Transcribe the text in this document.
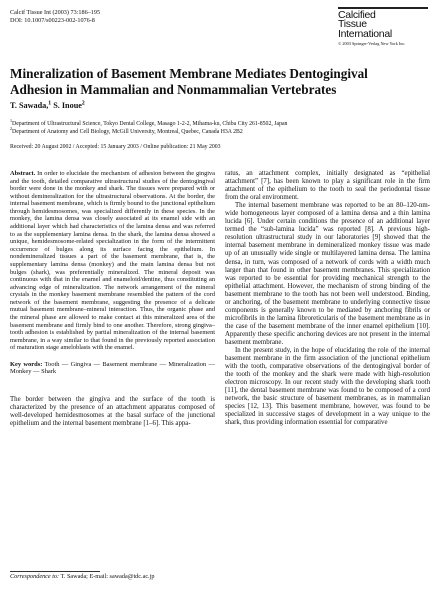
Calcif Tissue Int (2003) 73:186–195
DOI: 10.1007/s00223-002-1076-8	Calcified
Tissue
International
© 2003 Springer-Verlag New York Inc.
Mineralization of Basement Membrane Mediates Dentogingival Adhesion in Mammalian and Nonmammalian Vertebrates
T. Sawada,$^1$ S. Inoue$^2$
$^1$Department of Ultrastructural Science, Tokyo Dental College, Masago 1-2-2, Mihama-ku, Chiba City 261-8502, Japan
$^2$Department of Anatomy and Cell Biology, McGill University, Montreal, Quebec, Canada H3A 2B2
Received: 20 August 2002 / Accepted: 15 January 2003 / Online publication: 21 May 2003

Abstract. In order to elucidate the mechanism of adhesion between the gingiva and the tooth, detailed comparative ultrastructural studies of the dentogingival border were done in the monkey and shark. The tissues were prepared with or without demineralization for the ultrastructural observations. At the border, the internal basement membrane, which is firmly bound to the junctional epithelium through hemidesmosomes, was specialized differently in these species. In the monkey, the lamina densa was closely associated at its enamel side with an additional layer which had characteristics of the lamina densa and was referred to as the supplementary lamina densa. In the shark, the lamina densa showed a unique, hemidesmosome-related specialization in the form of the intermittent occurrence of bulges along its surface facing the epithelium. In nondemineralized tissues a part of the basement membrane, that is, the supplementary lamina densa (monkey) and the main lamina densa but not bulges (shark), was preferentially mineralized. The mineral deposit was continuous with that in the enamel and enameloid/dentine, thus constituting an advancing edge of mineralization. The network arrangement of the mineral crystals in the monkey basement membrane resembled the pattern of the cord network of the basement membrane, suggesting the presence of a delicate mutual basement membrane–mineral interaction. Thus, the organic phase and the mineral phase are allowed to make contact at this mineralized area of the basement membrane and firmly bind to one another. Therefore, strong gingiva–tooth adhesion is established by partial mineralization of the internal basement membrane, in a way similar to that found in the previously reported association of maturation stage ameloblasts with the enamel.

Key words: Tooth — Gingiva — Basement membrane — Mineralization — Monkey — Shark

The border between the gingiva and the surface of the tooth is characterized by the presence of an attachment apparatus composed of well-developed hemidesmosomes at the basal surface of the junctional epithelium and the internal basement membrane [1–6]. This appa-

ratus, an attachment complex, initially designated as “epithelial attachment” [7], has been known to play a significant role in the firm attachment of the epithelium to the tooth to seal the periodontal tissue from the oral environment.

The internal basement membrane was reported to be an 80–120-nm-wide homogeneous layer composed of a lamina densa and a thin lamina lucida [6]. Under certain conditions the presence of an additional layer termed the “sub-lamina lucida” was reported [8]. A previous high-resolution ultrastructural study in our laboratories [9] showed that the internal basement membrane in demineralized monkey tissue was made up of an unusually wide single or multilayered lamina densa. The lamina densa, in turn, was composed of a network of cords with a width much larger than that found in other basement membranes. This specialization was reported to be essential for providing mechanical strength to the epithelial attachment. However, the mechanism of strong binding of the basement membrane to the tooth has not been well understood. Binding, or anchoring, of the basement membrane to underlying connective tissue components is generally known to be mediated by anchoring fibrils or microfibrils in the lamina fibroreticularis of the basement membrane as in the case of the basement membrane of the inner enamel epithelium [10]. Apparently these specific anchoring devices are not present in the internal basement membrane.

In the present study, in the hope of elucidating the role of the internal basement membrane in the firm association of the junctional epithelium with the tooth, comparative observations of the dentogingival border of the tooth of the monkey and the shark were made with high-resolution electron microscopy. In our recent study with the developing shark tooth [11], the dental basement membrane was found to be composed of a cord network, the basic structure of basement membranes, as in mammalian species [12, 13]. This basement membrane, however, was found to be specialized in successive stages of development in a way unique to the shark, thus providing information essential for comparative

Correspondence to: T. Sawada; E-mail: sawada@tdc.ac.jp
